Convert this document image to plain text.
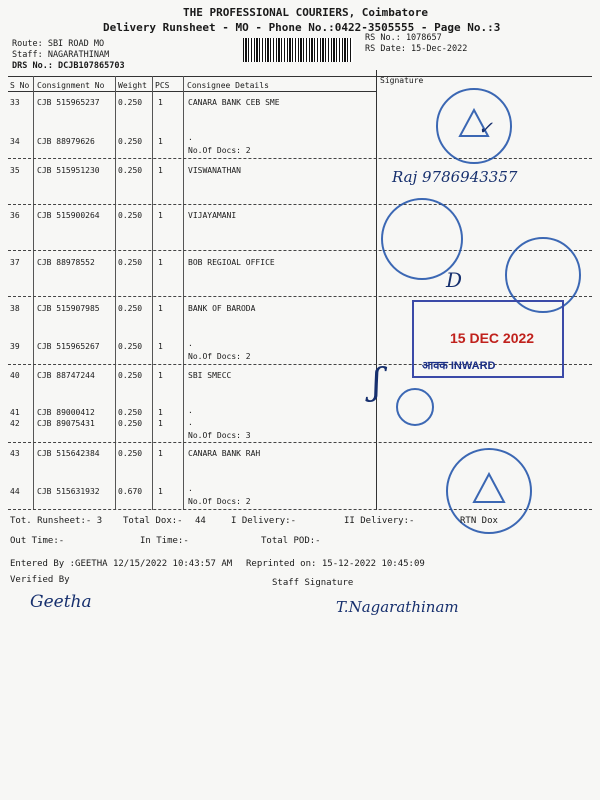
THE PROFESSIONAL COURIERS, Coimbatore
Delivery Runsheet - MO - Phone No.:0422-3505555 - Page No.:3
Route: SBI ROAD MO
Staff: NAGARATHINAM
DRS No.: DCJB107865703
RS No.: 1078657
RS Date: 15-Dec-2022
S No Consignment No Weight PCS Consignee Details
Signature
33 CJB 515965237 0.250 1	CANARA BANK CEB SME
34 CJB 88979626	0.250 1	.
No.Of Docs: 2
35 CJB 515951230 0.250 1	VISWANATHAN
36 CJB 515900264 0.250 1	VIJAYAMANI
37 CJB 88978552	0.250 1	BOB REGIOAL OFFICE
38 CJB 515907985 0.250 1	BANK OF BARODA
39 CJB 515965267 0.250 1	.
No.Of Docs: 2
40 CJB 88747244	0.250 1	SBI SMECC
41 CJB 89000412	0.250 1	.
42 CJB 89075431	0.250 1	.
No.Of Docs: 3
43 CJB 515642384 0.250 1	CANARA BANK RAH
44 CJB 515631932 0.670 1	.
No.Of Docs: 2
✓
Raj 9786943357
D
15 DEC 2022
आवक INWARD
ʃ
Tot. Runsheet:- 3 Total Dox:- 44	I Delivery:-	II Delivery:-	RTN Dox
Out Time:-	In Time:-	Total POD:-
Entered By :GEETHA 12/15/2022 10:43:57 AM Reprinted on: 15-12-2022 10:45:09
Verified By	Staff Signature
Geetha	T.Nagarathinam
